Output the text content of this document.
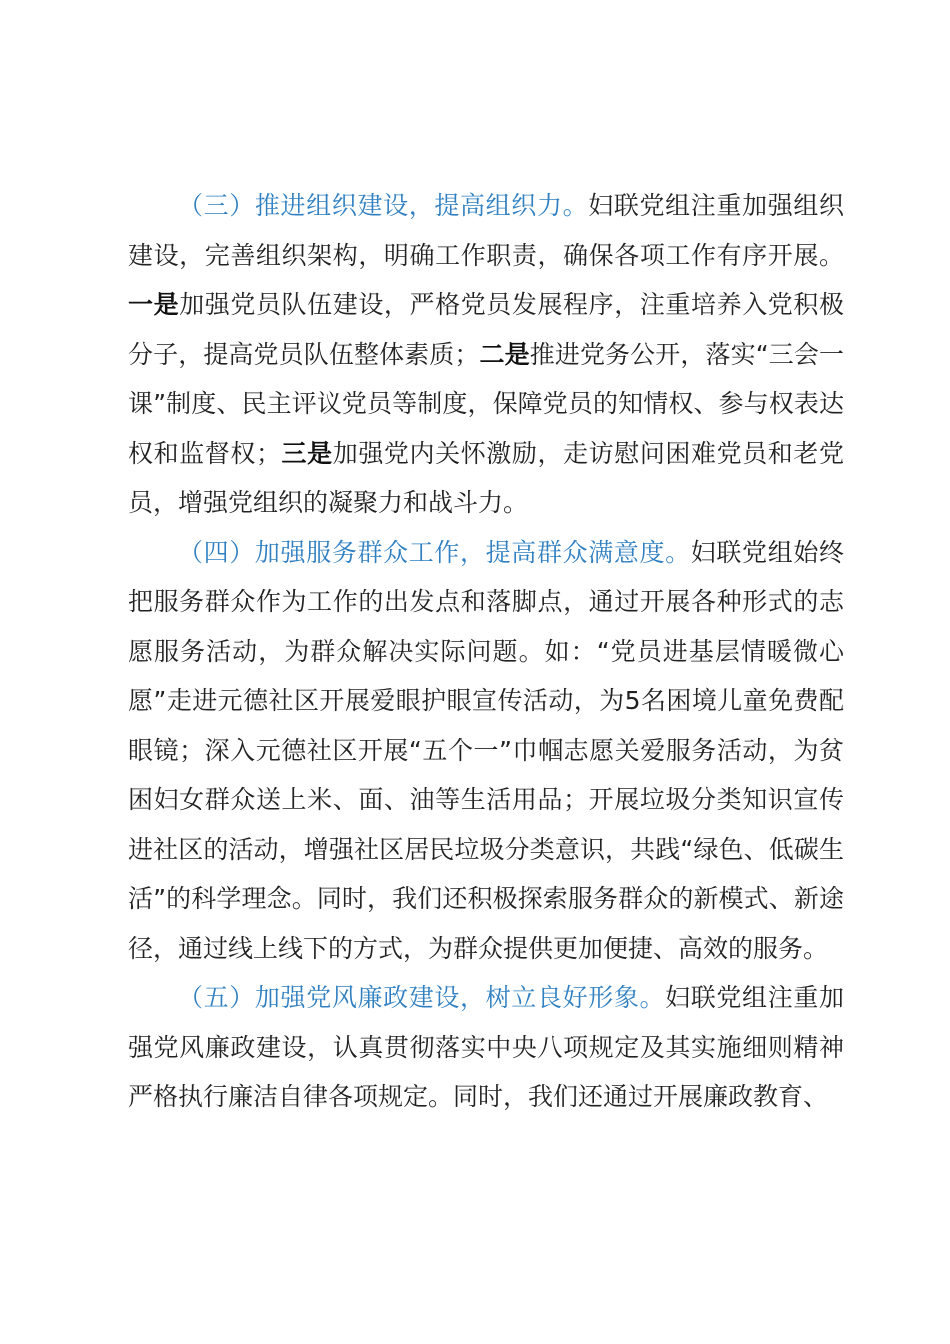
（三）推进组织建设，提高组织力。妇联党组注重加强组织建设，完善组织架构，明确工作职责，确保各项工作有序开展。一是加强党员队伍建设，严格党员发展程序，注重培养入党积极分子，提高党员队伍整体素质；二是推进党务公开，落实“三会一课”制度、民主评议党员等制度，保障党员的知情权、参与权表达权和监督权；三是加强党内关怀激励，走访慰问困难党员和老党员，增强党组织的凝聚力和战斗力。

（四）加强服务群众工作，提高群众满意度。妇联党组始终把服务群众作为工作的出发点和落脚点，通过开展各种形式的志愿服务活动，为群众解决实际问题。如：“党员进基层情暖微心愿”走进元德社区开展爱眼护眼宣传活动，为5名困境儿童免费配眼镜；深入元德社区开展“五个一”巾帼志愿关爱服务活动，为贫困妇女群众送上米、面、油等生活用品；开展垃圾分类知识宣传进社区的活动，增强社区居民垃圾分类意识，共践“绿色、低碳生活”的科学理念。同时，我们还积极探索服务群众的新模式、新途径，通过线上线下的方式，为群众提供更加便捷、高效的服务。

（五）加强党风廉政建设，树立良好形象。妇联党组注重加强党风廉政建设，认真贯彻落实中央八项规定及其实施细则精神严格执行廉洁自律各项规定。同时，我们还通过开展廉政教育、
